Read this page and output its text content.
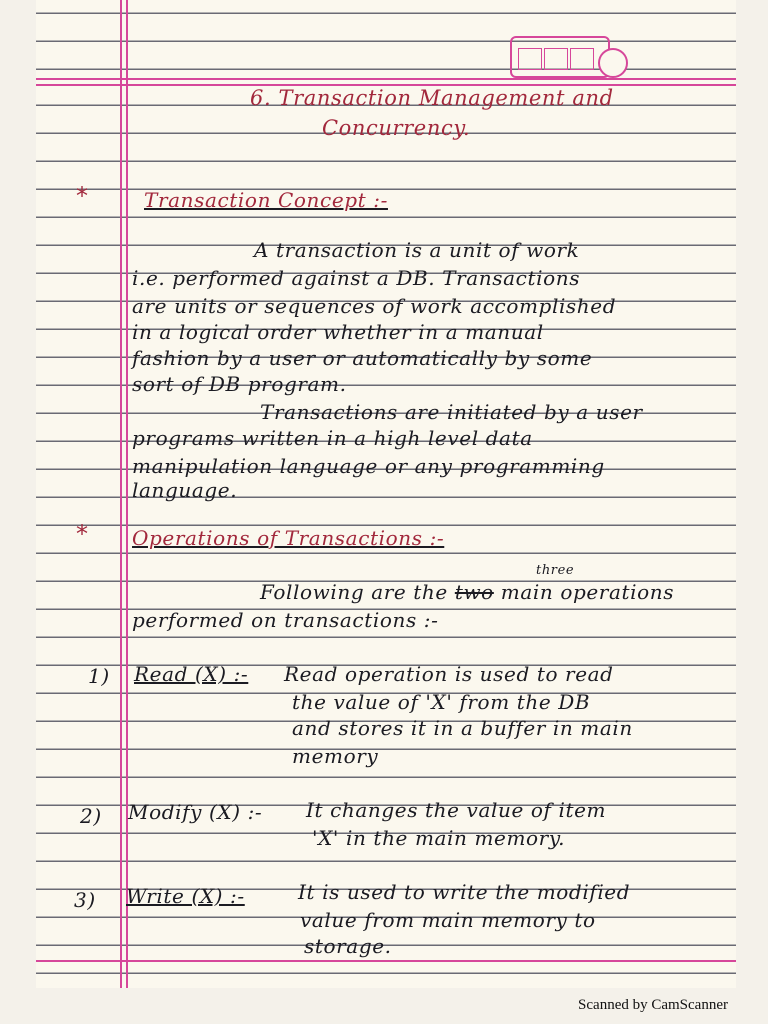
6. Transaction Management and
Concurrency.
*	Transaction Concept :-
A transaction is a unit of work
i.e. performed against a DB. Transactions
are units or sequences of work accomplished
in a logical order whether in a manual
fashion by a user or automatically by some
sort of DB program.
Transactions are initiated by a user
programs written in a high level data
manipulation language or any programming
language.
* Operations of Transactions :-
Following are the two main operations
three
performed on transactions :-
1) Read (X) :- Read operation is used to read
the value of 'X' from the DB
and stores it in a buffer in main
memory
2) Modify (X) :- It changes the value of item
'X' in the main memory.
3) Write (X) :-	It is used to write the modified
value from main memory to
storage.
Scanned by CamScanner
